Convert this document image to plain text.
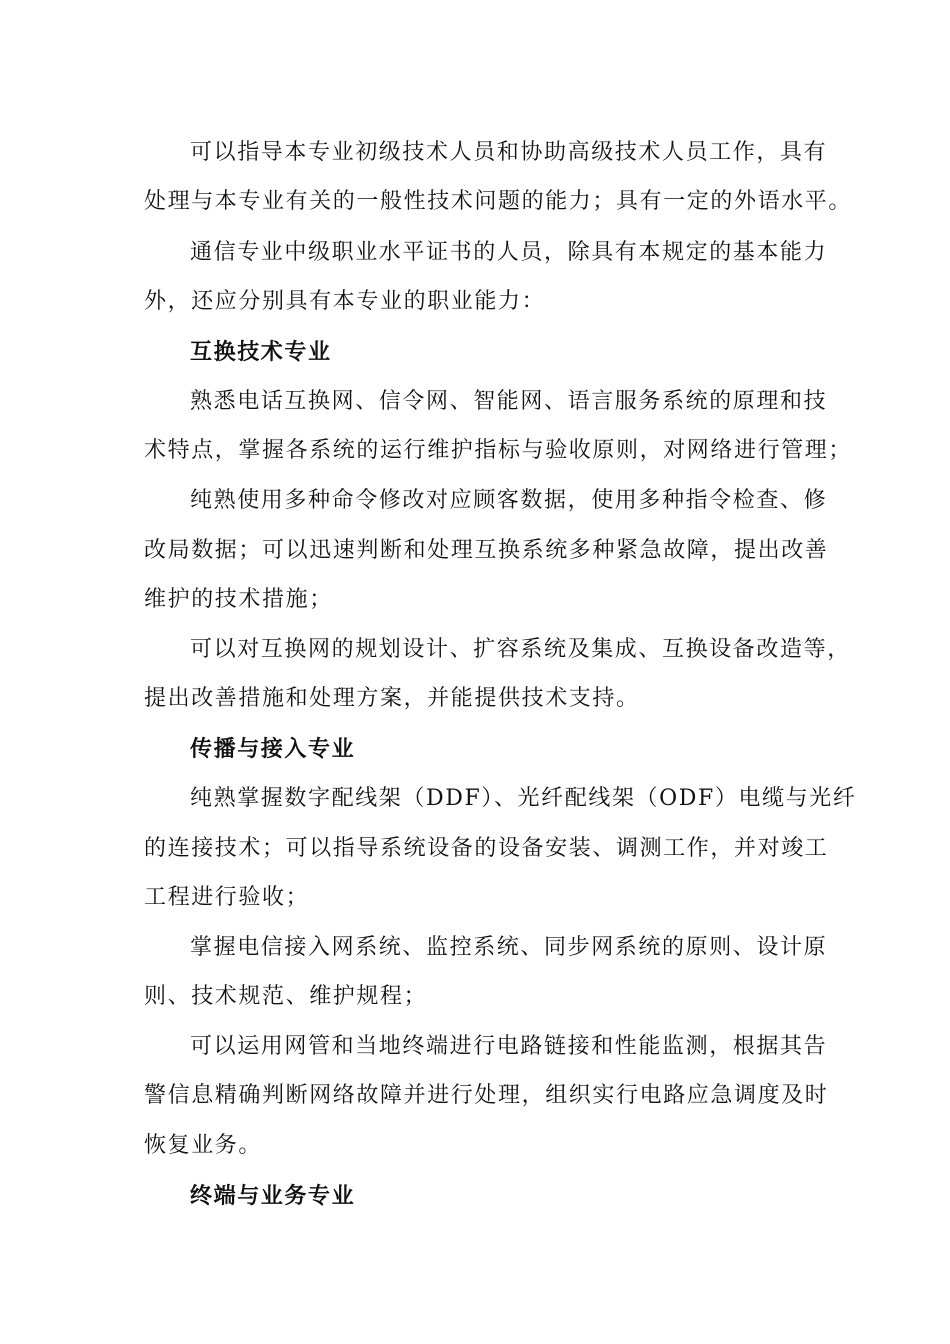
可以指导本专业初级技术人员和协助高级技术人员工作，具有
处理与本专业有关的一般性技术问题的能力；具有一定的外语水平。
通信专业中级职业水平证书的人员，除具有本规定的基本能力
外，还应分别具有本专业的职业能力：
互换技术专业
熟悉电话互换网、信令网、智能网、语言服务系统的原理和技
术特点，掌握各系统的运行维护指标与验收原则，对网络进行管理；
纯熟使用多种命令修改对应顾客数据，使用多种指令检查、修
改局数据；可以迅速判断和处理互换系统多种紧急故障，提出改善
维护的技术措施；
可以对互换网的规划设计、扩容系统及集成、互换设备改造等，
提出改善措施和处理方案，并能提供技术支持。
传播与接入专业
纯熟掌握数字配线架（DDF）、光纤配线架（ODF）电缆与光纤
的连接技术；可以指导系统设备的设备安装、调测工作，并对竣工
工程进行验收；
掌握电信接入网系统、监控系统、同步网系统的原则、设计原
则、技术规范、维护规程；
可以运用网管和当地终端进行电路链接和性能监测，根据其告
警信息精确判断网络故障并进行处理，组织实行电路应急调度及时
恢复业务。
终端与业务专业
